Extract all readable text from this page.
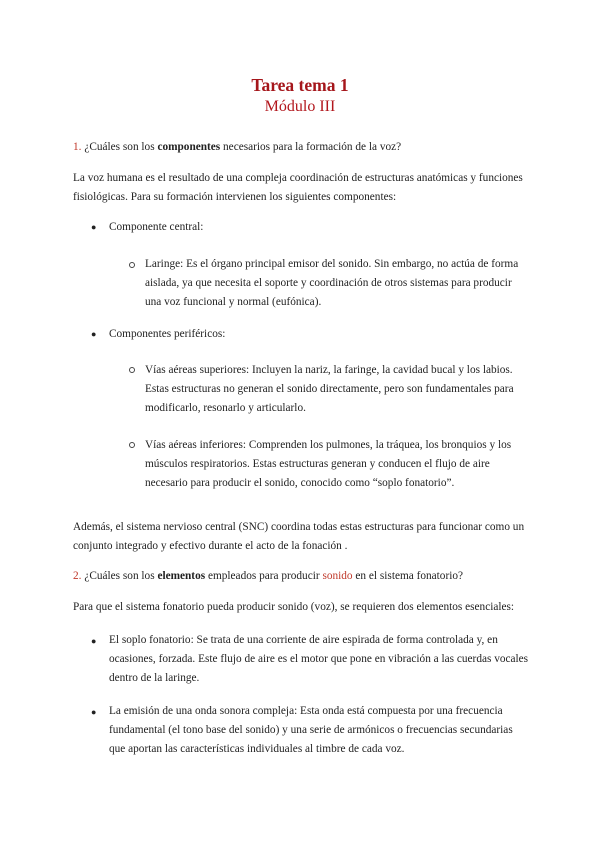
Tarea tema 1
Módulo III
1. ¿Cuáles son los componentes necesarios para la formación de la voz?
La voz humana es el resultado de una compleja coordinación de estructuras anatómicas y funciones fisiológicas. Para su formación intervienen los siguientes componentes:
● Componente central:
Laringe: Es el órgano principal emisor del sonido. Sin embargo, no actúa de forma aislada, ya que necesita el soporte y coordinación de otros sistemas para producir una voz funcional y normal (eufónica).
● Componentes periféricos:
Vías aéreas superiores: Incluyen la nariz, la faringe, la cavidad bucal y los labios. Estas estructuras no generan el sonido directamente, pero son fundamentales para modificarlo, resonarlo y articularlo.
Vías aéreas inferiores: Comprenden los pulmones, la tráquea, los bronquios y los músculos respiratorios. Estas estructuras generan y conducen el flujo de aire necesario para producir el sonido, conocido como “soplo fonatorio”.
Además, el sistema nervioso central (SNC) coordina todas estas estructuras para funcionar como un conjunto integrado y efectivo durante el acto de la fonación .
2. ¿Cuáles son los elementos empleados para producir sonido en el sistema fonatorio?
Para que el sistema fonatorio pueda producir sonido (voz), se requieren dos elementos esenciales:
● El soplo fonatorio: Se trata de una corriente de aire espirada de forma controlada y, en ocasiones, forzada. Este flujo de aire es el motor que pone en vibración a las cuerdas vocales dentro de la laringe.
● La emisión de una onda sonora compleja: Esta onda está compuesta por una frecuencia fundamental (el tono base del sonido) y una serie de armónicos o frecuencias secundarias que aportan las características individuales al timbre de cada voz.
